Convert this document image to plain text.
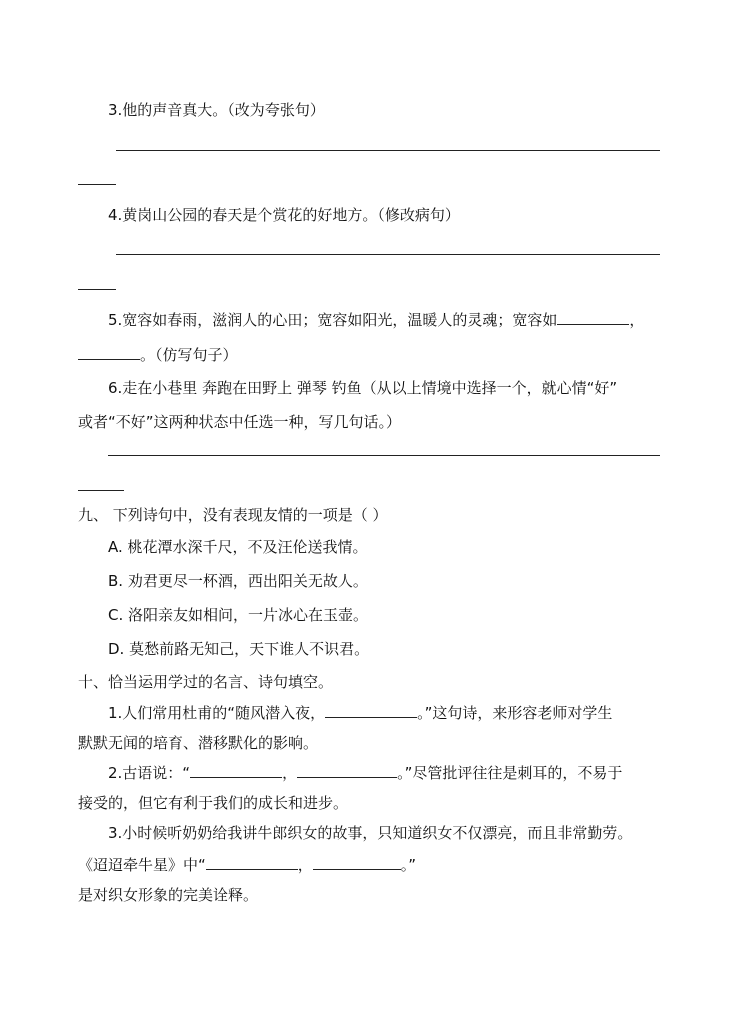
3.他的声音真大。（改为夸张句）
4.黄岗山公园的春天是个赏花的好地方。（修改病句）
5.宽容如春雨，滋润人的心田；宽容如阳光，温暖人的灵魂；宽容如	，
。（仿写句子）
6.走在小巷里 奔跑在田野上 弹琴 钓鱼（从以上情境中选择一个，就心情“好”
或者“不好”这两种状态中任选一种，写几句话。）
九、 下列诗句中，没有表现友情的一项是（ ）
A. 桃花潭水深千尺，不及汪伦送我情。
B. 劝君更尽一杯酒，西出阳关无故人。
C. 洛阳亲友如相问，一片冰心在玉壶。
D. 莫愁前路无知己，天下谁人不识君。
十、恰当运用学过的名言、诗句填空。
1.人们常用杜甫的“随风潜入夜，	。”这句诗，来形容老师对学生
默默无闻的培育、潜移默化的影响。
2.古语说：“	，	。”尽管批评往往是刺耳的，不易于
接受的，但它有利于我们的成长和进步。
3.小时候听奶奶给我讲牛郎织女的故事，只知道织女不仅漂亮，而且非常勤劳。
《迢迢牵牛星》中“	，	。”
是对织女形象的完美诠释。
